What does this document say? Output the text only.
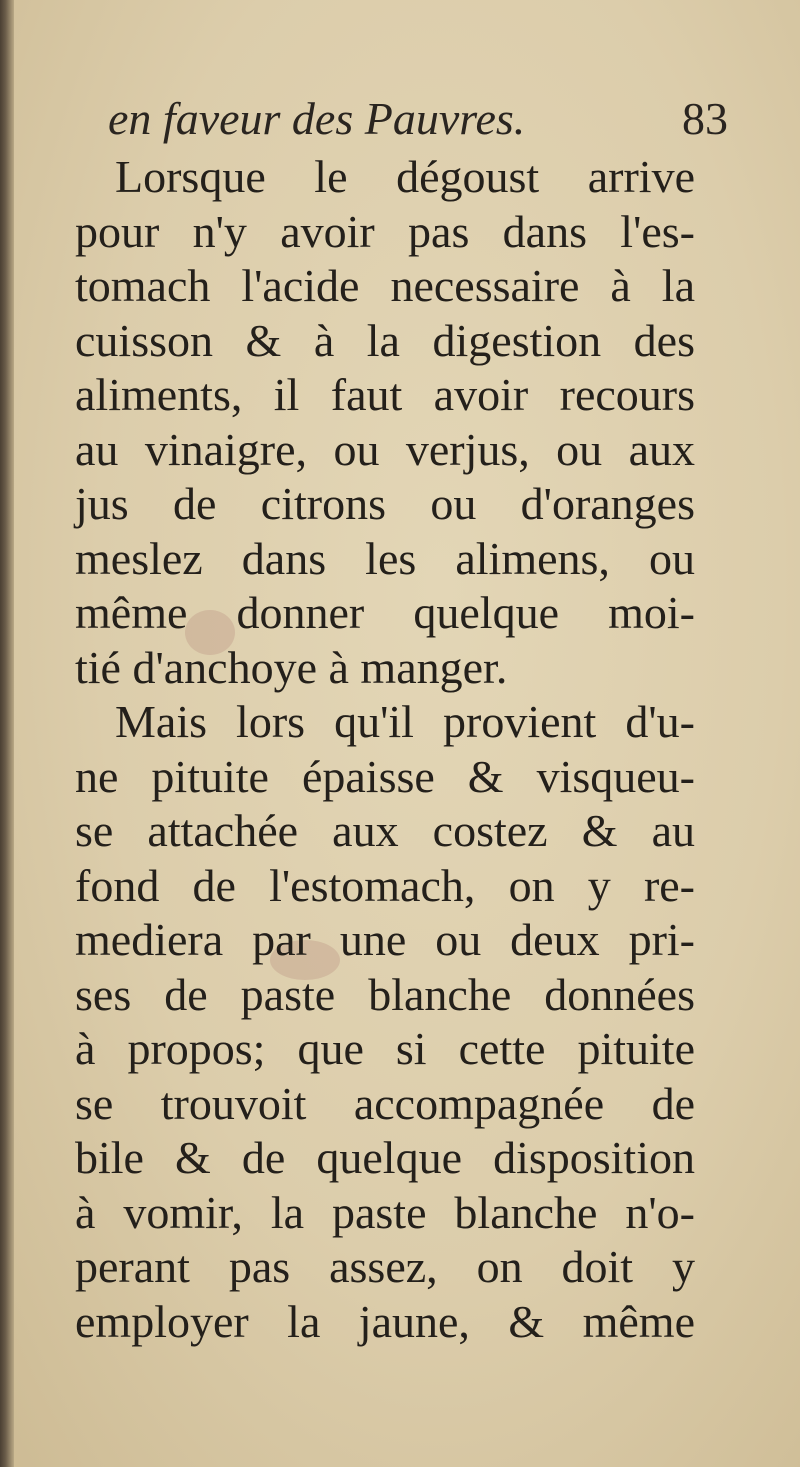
en faveur des Pauvres.	83
Lorsque le dégoust arrive
pour n'y avoir pas dans l'es-
tomach l'acide necessaire à la
cuisson & à la digestion des
aliments, il faut avoir recours
au vinaigre, ou verjus, ou aux
jus de citrons ou d'oranges
meslez dans les alimens, ou
même donner quelque moi-
tié d'anchoye à manger.
Mais lors qu'il provient d'u-
ne pituite épaisse & visqueu-
se attachée aux costez & au
fond de l'estomach, on y re-
mediera par une ou deux pri-
ses de paste blanche données
à propos; que si cette pituite
se trouvoit accompagnée de
bile & de quelque disposition
à vomir, la paste blanche n'o-
perant pas assez, on doit y
employer la jaune, & même
